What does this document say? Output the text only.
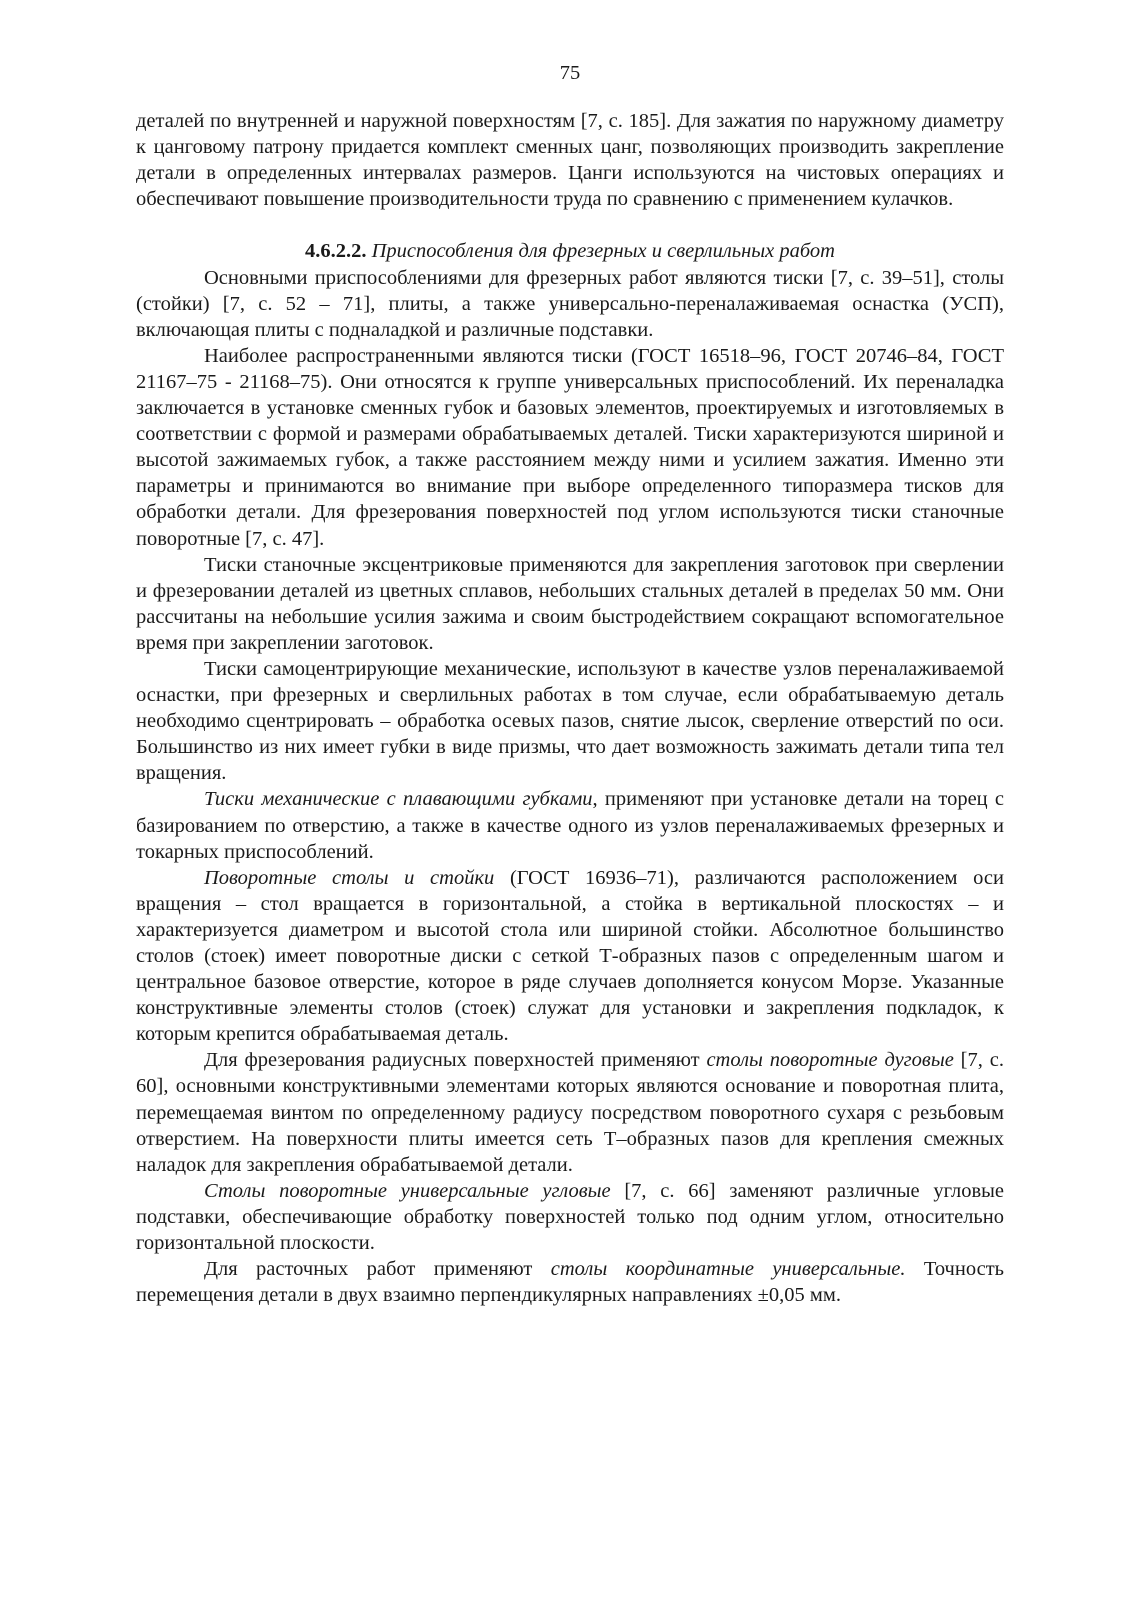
75

деталей по внутренней и наружной поверхностям [7, с. 185]. Для зажатия по наружному диаметру к цанговому патрону придается комплект сменных цанг, позволяющих производить закрепление детали в определенных интервалах размеров. Цанги используются на чистовых операциях и обеспечивают повышение производительности труда по сравнению с применением кулачков.

4.6.2.2. Приспособления для фрезерных и сверлильных работ

Основными приспособлениями для фрезерных работ являются тиски [7, с. 39–51], столы (стойки) [7, с. 52 – 71], плиты, а также универсально-переналаживаемая оснастка (УСП), включающая плиты с подналадкой и различные подставки.

Наиболее распространенными являются тиски (ГОСТ 16518–96, ГОСТ 20746–84, ГОСТ 21167–75 - 21168–75). Они относятся к группе универсальных приспособлений. Их переналадка заключается в установке сменных губок и базовых элементов, проектируемых и изготовляемых в соответствии с формой и размерами обрабатываемых деталей. Тиски характеризуются шириной и высотой зажимаемых губок, а также расстоянием между ними и усилием зажатия. Именно эти параметры и принимаются во внимание при выборе определенного типоразмера тисков для обработки детали. Для фрезерования поверхностей под углом используются тиски станочные поворотные [7, с. 47].

Тиски станочные эксцентриковые применяются для закрепления заготовок при сверлении и фрезеровании деталей из цветных сплавов, небольших стальных деталей в пределах 50 мм. Они рассчитаны на небольшие усилия зажима и своим быстродействием сокращают вспомогательное время при закреплении заготовок.

Тиски самоцентрирующие механические, используют в качестве узлов переналаживаемой оснастки, при фрезерных и сверлильных работах в том случае, если обрабатываемую деталь необходимо сцентрировать – обработка осевых пазов, снятие лысок, сверление отверстий по оси. Большинство из них имеет губки в виде призмы, что дает возможность зажимать детали типа тел вращения.

Тиски механические с плавающими губками, применяют при установке детали на торец с базированием по отверстию, а также в качестве одного из узлов переналаживаемых фрезерных и токарных приспособлений.

Поворотные столы и стойки (ГОСТ 16936–71), различаются расположением оси вращения – стол вращается в горизонтальной, а стойка в вертикальной плоскостях – и характеризуется диаметром и высотой стола или шириной стойки. Абсолютное большинство столов (стоек) имеет поворотные диски с сеткой Т-образных пазов с определенным шагом и центральное базовое отверстие, которое в ряде случаев дополняется конусом Морзе. Указанные конструктивные элементы столов (стоек) служат для установки и закрепления подкладок, к которым крепится обрабатываемая деталь.

Для фрезерования радиусных поверхностей применяют столы поворотные дуговые [7, с. 60], основными конструктивными элементами которых являются основание и поворотная плита, перемещаемая винтом по определенному радиусу посредством поворотного сухаря с резьбовым отверстием. На поверхности плиты имеется сеть Т–образных пазов для крепления смежных наладок для закрепления обрабатываемой детали.

Столы поворотные универсальные угловые [7, с. 66] заменяют различные угловые подставки, обеспечивающие обработку поверхностей только под одним углом, относительно горизонтальной плоскости.

Для расточных работ применяют столы координатные универсальные. Точность перемещения детали в двух взаимно перпендикулярных направлениях ±0,05 мм.
